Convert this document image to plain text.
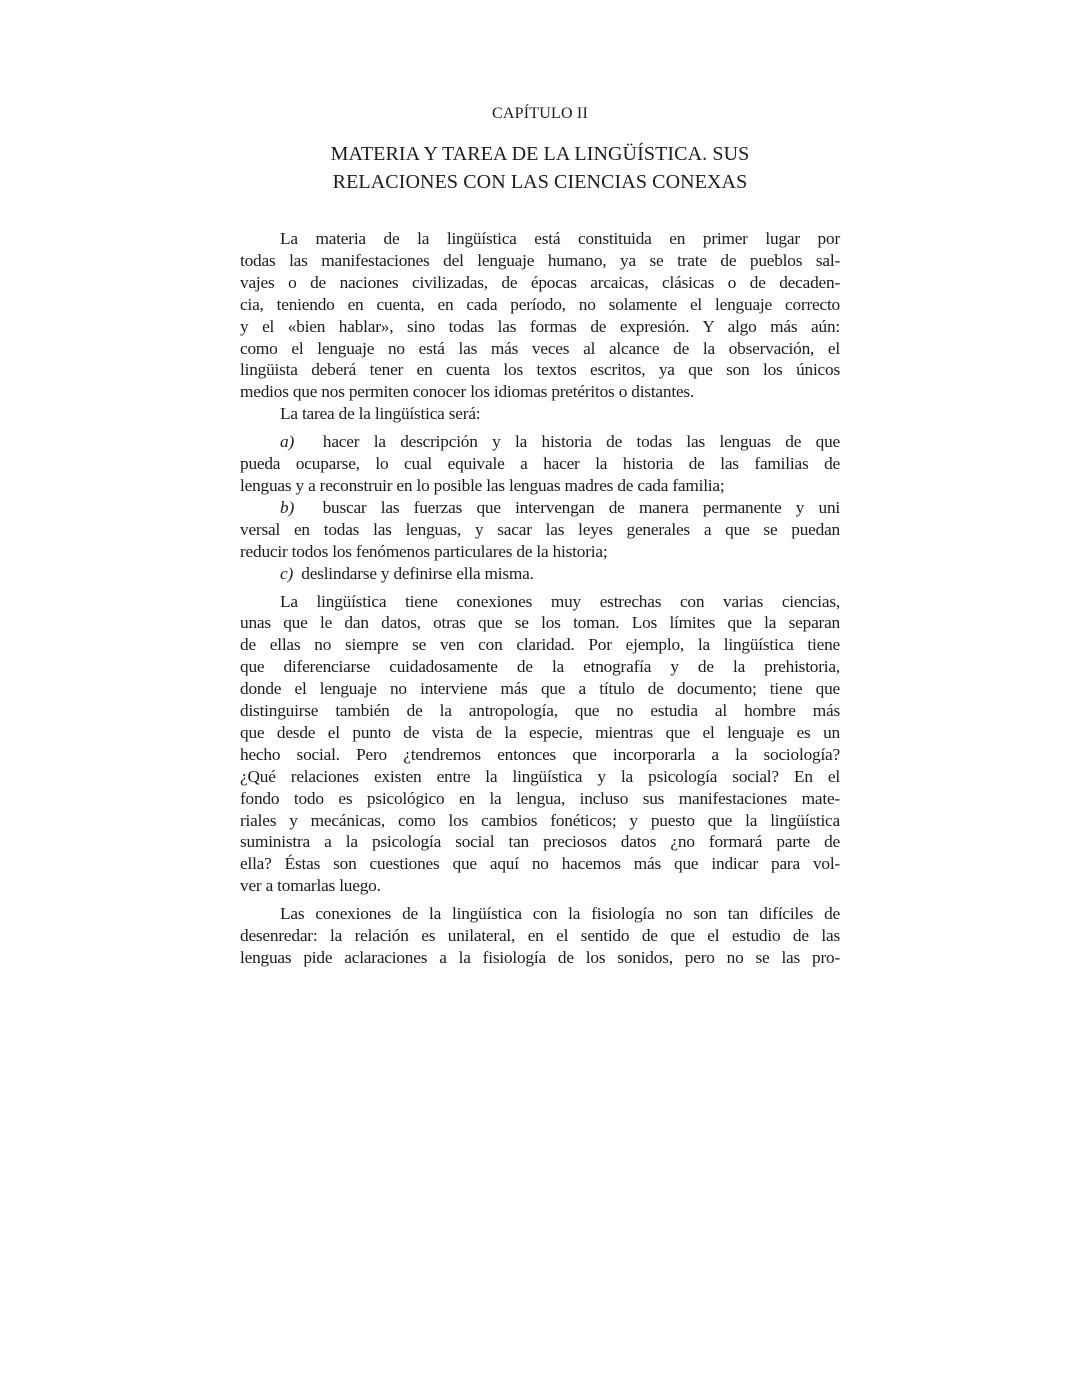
CAPÍTULO II
MATERIA Y TAREA DE LA LINGÜÍSTICA. SUS
RELACIONES CON LAS CIENCIAS CONEXAS
La materia de la lingüística está constituida en primer lugar por
todas las manifestaciones del lenguaje humano, ya se trate de pueblos sal-
vajes o de naciones civilizadas, de épocas arcaicas, clásicas o de decaden-
cia, teniendo en cuenta, en cada período, no solamente el lenguaje correcto
y el «bien hablar», sino todas las formas de expresión. Y algo más aún:
como el lenguaje no está las más veces al alcance de la observación, el
lingüista deberá tener en cuenta los textos escritos, ya que son los únicos
medios que nos permiten conocer los idiomas pretéritos o distantes.
La tarea de la lingüística será:
a)  hacer la descripción y la historia de todas las lenguas de que
pueda ocuparse, lo cual equivale a hacer la historia de las familias de
lenguas y a reconstruir en lo posible las lenguas madres de cada familia;
b)  buscar las fuerzas que intervengan de manera permanente y uni
versal en todas las lenguas, y sacar las leyes generales a que se puedan
reducir todos los fenómenos particulares de la historia;
c)  deslindarse y definirse ella misma.
La lingüística tiene conexiones muy estrechas con varias ciencias,
unas que le dan datos, otras que se los toman. Los límites que la separan
de ellas no siempre se ven con claridad. Por ejemplo, la lingüística tiene
que diferenciarse cuidadosamente de la etnografía y de la prehistoria,
donde el lenguaje no interviene más que a título de documento; tiene que
distinguirse también de la antropología, que no estudia al hombre más
que desde el punto de vista de la especie, mientras que el lenguaje es un
hecho social. Pero ¿tendremos entonces que incorporarla a la sociología?
¿Qué relaciones existen entre la lingüística y la psicología social? En el
fondo todo es psicológico en la lengua, incluso sus manifestaciones mate-
riales y mecánicas, como los cambios fonéticos; y puesto que la lingüística
suministra a la psicología social tan preciosos datos ¿no formará parte de
ella? Éstas son cuestiones que aquí no hacemos más que indicar para vol-
ver a tomarlas luego.
Las conexiones de la lingüística con la fisiología no son tan difíciles de
desenredar: la relación es unilateral, en el sentido de que el estudio de las
lenguas pide aclaraciones a la fisiología de los sonidos, pero no se las pro-
